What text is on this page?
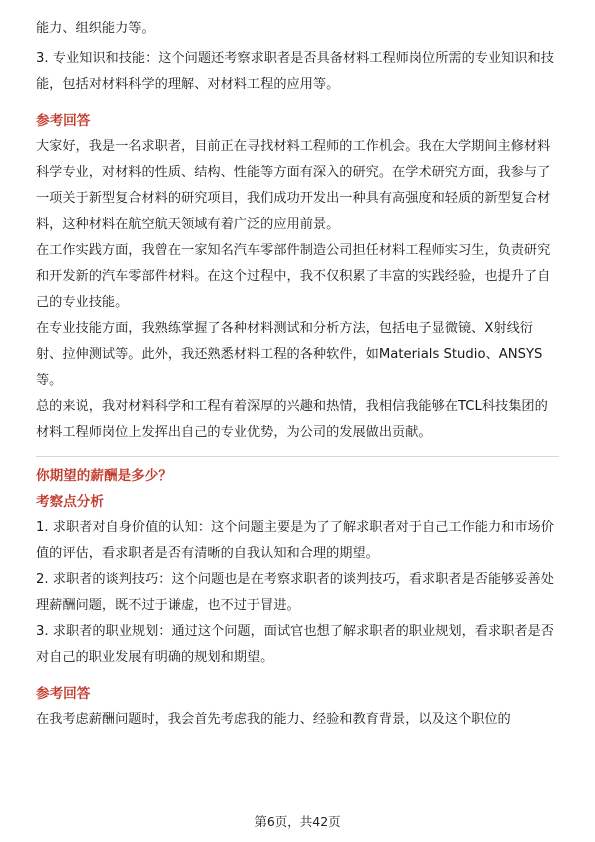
能力、组织能力等。

3. 专业知识和技能：这个问题还考察求职者是否具备材料工程师岗位所需的专业知识和技能，包括对材料科学的理解、对材料工程的应用等。

参考回答

大家好，我是一名求职者，目前正在寻找材料工程师的工作机会。我在大学期间主修材料科学专业，对材料的性质、结构、性能等方面有深入的研究。在学术研究方面，我参与了一项关于新型复合材料的研究项目，我们成功开发出一种具有高强度和轻质的新型复合材料，这种材料在航空航天领域有着广泛的应用前景。

在工作实践方面，我曾在一家知名汽车零部件制造公司担任材料工程师实习生，负责研究和开发新的汽车零部件材料。在这个过程中，我不仅积累了丰富的实践经验，也提升了自己的专业技能。

在专业技能方面，我熟练掌握了各种材料测试和分析方法，包括电子显微镜、X射线衍射、拉伸测试等。此外，我还熟悉材料工程的各种软件，如Materials Studio、ANSYS等。

总的来说，我对材料科学和工程有着深厚的兴趣和热情，我相信我能够在TCL科技集团的材料工程师岗位上发挥出自己的专业优势，为公司的发展做出贡献。

你期望的薪酬是多少？
考察点分析

1. 求职者对自身价值的认知：这个问题主要是为了了解求职者对于自己工作能力和市场价值的评估，看求职者是否有清晰的自我认知和合理的期望。

2. 求职者的谈判技巧：这个问题也是在考察求职者的谈判技巧，看求职者是否能够妥善处理薪酬问题，既不过于谦虚，也不过于冒进。

3. 求职者的职业规划：通过这个问题，面试官也想了解求职者的职业规划，看求职者是否对自己的职业发展有明确的规划和期望。

参考回答

在我考虑薪酬问题时，我会首先考虑我的能力、经验和教育背景，以及这个职位的

第6页，共42页
